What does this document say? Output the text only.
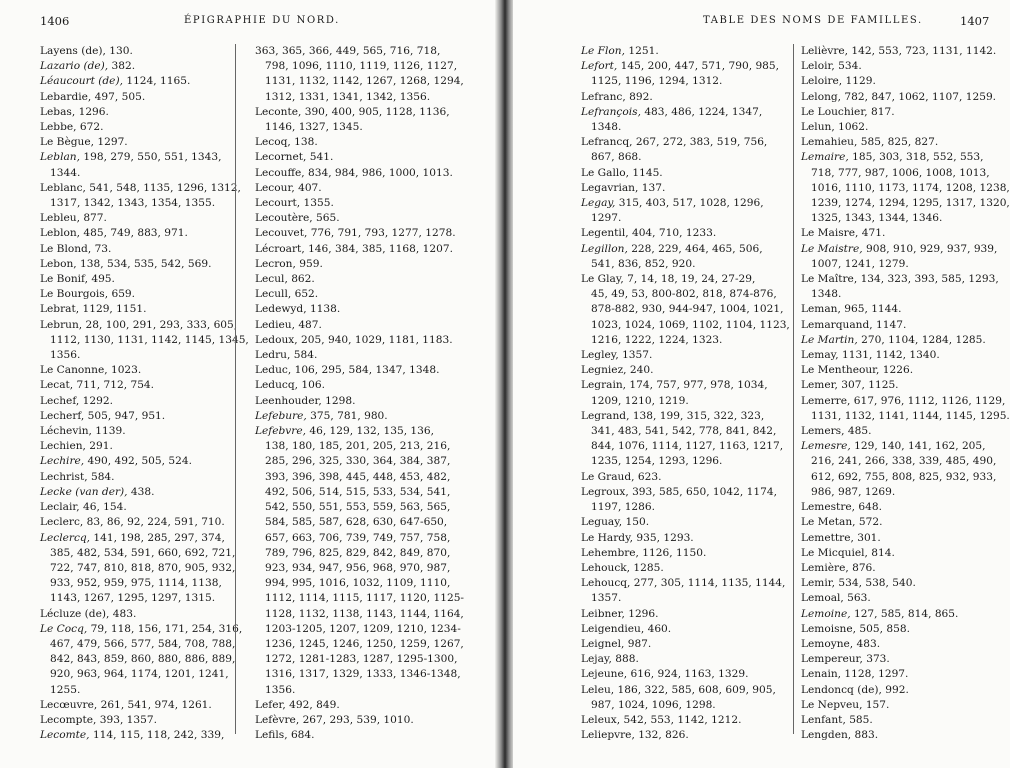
1406	ÉPIGRAPHIE DU NORD.
Layens (de), 130.
Lazario (de), 382.
Léaucourt (de), 1124, 1165.
Lebardie, 497, 505.
Lebas, 1296.
Lebbe, 672.
Le Bègue, 1297.
Leblan, 198, 279, 550, 551, 1343,
1344.
Leblanc, 541, 548, 1135, 1296, 1312,
1317, 1342, 1343, 1354, 1355.
Lebleu, 877.
Leblon, 485, 749, 883, 971.
Le Blond, 73.
Lebon, 138, 534, 535, 542, 569.
Le Bonif, 495.
Le Bourgois, 659.
Lebrat, 1129, 1151.
Lebrun, 28, 100, 291, 293, 333, 605,
1112, 1130, 1131, 1142, 1145, 1345,
1356.
Le Canonne, 1023.
Lecat, 711, 712, 754.
Lechef, 1292.
Lecherf, 505, 947, 951.
Léchevin, 1139.
Lechien, 291.
Lechire, 490, 492, 505, 524.
Lechrist, 584.
Lecke (van der), 438.
Leclair, 46, 154.
Leclerc, 83, 86, 92, 224, 591, 710.
Leclercq, 141, 198, 285, 297, 374,
385, 482, 534, 591, 660, 692, 721,
722, 747, 810, 818, 870, 905, 932,
933, 952, 959, 975, 1114, 1138,
1143, 1267, 1295, 1297, 1315.
Lécluze (de), 483.
Le Cocq, 79, 118, 156, 171, 254, 316,
467, 479, 566, 577, 584, 708, 788,
842, 843, 859, 860, 880, 886, 889,
920, 963, 964, 1174, 1201, 1241,
1255.
Lecœuvre, 261, 541, 974, 1261.
Lecompte, 393, 1357.
Lecomte, 114, 115, 118, 242, 339,
363, 365, 366, 449, 565, 716, 718,
798, 1096, 1110, 1119, 1126, 1127,
1131, 1132, 1142, 1267, 1268, 1294,
1312, 1331, 1341, 1342, 1356.
Leconte, 390, 400, 905, 1128, 1136,
1146, 1327, 1345.
Lecoq, 138.
Lecornet, 541.
Lecouffe, 834, 984, 986, 1000, 1013.
Lecour, 407.
Lecourt, 1355.
Lecoutère, 565.
Lecouvet, 776, 791, 793, 1277, 1278.
Lécroart, 146, 384, 385, 1168, 1207.
Lecron, 959.
Lecul, 862.
Lecull, 652.
Ledewyd, 1138.
Ledieu, 487.
Ledoux, 205, 940, 1029, 1181, 1183.
Ledru, 584.
Leduc, 106, 295, 584, 1347, 1348.
Leducq, 106.
Leenhouder, 1298.
Lefebure, 375, 781, 980.
Lefebvre, 46, 129, 132, 135, 136,
138, 180, 185, 201, 205, 213, 216,
285, 296, 325, 330, 364, 384, 387,
393, 396, 398, 445, 448, 453, 482,
492, 506, 514, 515, 533, 534, 541,
542, 550, 551, 553, 559, 563, 565,
584, 585, 587, 628, 630, 647-650,
657, 663, 706, 739, 749, 757, 758,
789, 796, 825, 829, 842, 849, 870,
923, 934, 947, 956, 968, 970, 987,
994, 995, 1016, 1032, 1109, 1110,
1112, 1114, 1115, 1117, 1120, 1125-
1128, 1132, 1138, 1143, 1144, 1164,
1203-1205, 1207, 1209, 1210, 1234-
1236, 1245, 1246, 1250, 1259, 1267,
1272, 1281-1283, 1287, 1295-1300,
1316, 1317, 1329, 1333, 1346-1348,
1356.
Lefer, 492, 849.
Lefèvre, 267, 293, 539, 1010.
Lefils, 684.
TABLE DES NOMS DE FAMILLES.	1407
Le Flon, 1251.
Lefort, 145, 200, 447, 571, 790, 985,
1125, 1196, 1294, 1312.
Lefranc, 892.
Lefrançois, 483, 486, 1224, 1347,
1348.
Lefrancq, 267, 272, 383, 519, 756,
867, 868.
Le Gallo, 1145.
Legavrian, 137.
Legay, 315, 403, 517, 1028, 1296,
1297.
Legentil, 404, 710, 1233.
Legillon, 228, 229, 464, 465, 506,
541, 836, 852, 920.
Le Glay, 7, 14, 18, 19, 24, 27-29,
45, 49, 53, 800-802, 818, 874-876,
878-882, 930, 944-947, 1004, 1021,
1023, 1024, 1069, 1102, 1104, 1123,
1216, 1222, 1224, 1323.
Legley, 1357.
Legniez, 240.
Legrain, 174, 757, 977, 978, 1034,
1209, 1210, 1219.
Legrand, 138, 199, 315, 322, 323,
341, 483, 541, 542, 778, 841, 842,
844, 1076, 1114, 1127, 1163, 1217,
1235, 1254, 1293, 1296.
Le Graud, 623.
Legroux, 393, 585, 650, 1042, 1174,
1197, 1286.
Leguay, 150.
Le Hardy, 935, 1293.
Lehembre, 1126, 1150.
Lehouck, 1285.
Lehoucq, 277, 305, 1114, 1135, 1144,
1357.
Leibner, 1296.
Leigendieu, 460.
Leignel, 987.
Lejay, 888.
Lejeune, 616, 924, 1163, 1329.
Leleu, 186, 322, 585, 608, 609, 905,
987, 1024, 1096, 1298.
Leleux, 542, 553, 1142, 1212.
Leliepvre, 132, 826.
Lelièvre, 142, 553, 723, 1131, 1142.
Leloir, 534.
Leloire, 1129.
Lelong, 782, 847, 1062, 1107, 1259.
Le Louchier, 817.
Lelun, 1062.
Lemahieu, 585, 825, 827.
Lemaire, 185, 303, 318, 552, 553,
718, 777, 987, 1006, 1008, 1013,
1016, 1110, 1173, 1174, 1208, 1238,
1239, 1274, 1294, 1295, 1317, 1320,
1325, 1343, 1344, 1346.
Le Maisre, 471.
Le Maistre, 908, 910, 929, 937, 939,
1007, 1241, 1279.
Le Maître, 134, 323, 393, 585, 1293,
1348.
Leman, 965, 1144.
Lemarquand, 1147.
Le Martin, 270, 1104, 1284, 1285.
Lemay, 1131, 1142, 1340.
Le Mentheour, 1226.
Lemer, 307, 1125.
Lemerre, 617, 976, 1112, 1126, 1129,
1131, 1132, 1141, 1144, 1145, 1295.
Lemers, 485.
Lemesre, 129, 140, 141, 162, 205,
216, 241, 266, 338, 339, 485, 490,
612, 692, 755, 808, 825, 932, 933,
986, 987, 1269.
Lemestre, 648.
Le Metan, 572.
Lemettre, 301.
Le Micquiel, 814.
Lemière, 876.
Lemir, 534, 538, 540.
Lemoal, 563.
Lemoine, 127, 585, 814, 865.
Lemoisne, 505, 858.
Lemoyne, 483.
Lempereur, 373.
Lenain, 1128, 1297.
Lendoncq (de), 992.
Le Nepveu, 157.
Lenfant, 585.
Lengden, 883.
